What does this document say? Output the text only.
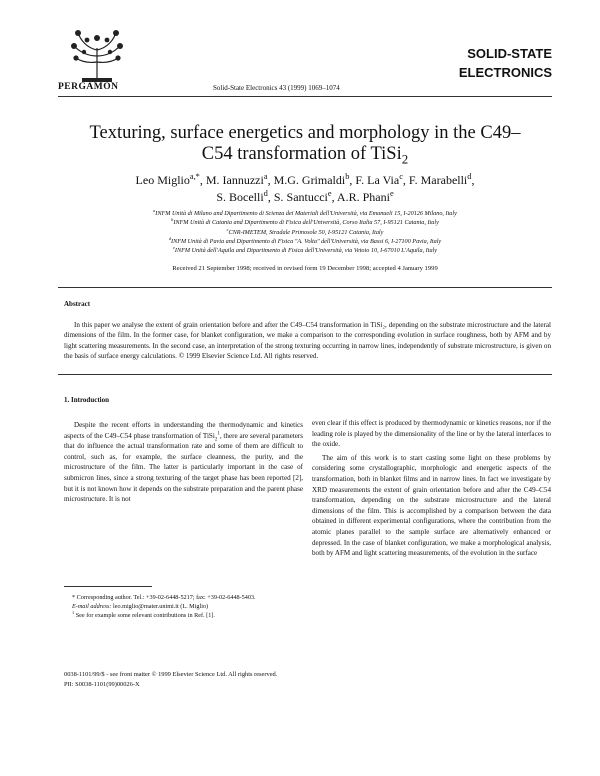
PERGAMON	Solid-State Electronics 43 (1999) 1069–1074
SOLID-STATE
ELECTRONICS
Texturing, surface energetics and morphology in the C49–
C54 transformation of TiSi$_2$
Leo Miglio$^{a,*}$, M. Iannuzzi$^a$, M.G. Grimaldi$^b$, F. La Via$^c$, F. Marabelli$^d$,
S. Bocelli$^d$, S. Santucci$^e$, A.R. Phani$^e$
$^a$INFM Unità di Milano and Dipartimento di Scienza dei Materiali dell'Università, via Emanueli 15, I-20126 Milano, Italy
$^b$INFM Unità di Catania and Dipartimento di Fisica dell'Università, Corso Italia 57, I-95121 Catania, Italy
$^c$CNR-IMETEM, Stradale Primosole 50, I-95121 Catania, Italy
$^d$INFM Unità di Pavia and Dipartimento di Fisica "A. Volta" dell'Università, via Bassi 6, I-27100 Pavia, Italy
$^e$INFM Unità dell'Aquila and Dipartimento di Fisica dell'Università, via Vetoio 10, I-67010 L'Aquila, Italy
Received 21 September 1998; received in revised form 19 December 1998; accepted 4 January 1999
Abstract
In this paper we analyse the extent of grain orientation before and after the C49–C54 transformation in TiSi₂, depending on the substrate microstructure and the lateral dimensions of the film. In the former case, for blanket configuration, we make a comparison to the corresponding evolution in surface roughness, both by AFM and by light scattering measurements. In the second case, an interpretation of the strong texturing occurring in narrow lines, independently of substrate microstructure, is given on the basis of surface energy calculations. © 1999 Elsevier Science Ltd. All rights reserved.
1. Introduction

Despite the recent efforts in understanding the thermodynamic and kinetics aspects of the C49–C54 phase transformation of TiSi$_2^1$, there are several parameters that do influence the actual transformation rate and some of them are difficult to control, such as, for example, the surface cleanness, the purity, and the microstructure of the film. The latter is particularly important in the case of submicron lines, since a strong texturing of the target phase has been reported [2], but it is not known how it depends on the substrate preparation and the parent phase microstructure. It is not

even clear if this effect is produced by thermodynamic or kinetics reasons, nor if the leading role is played by the dimensionality of the line or by the lateral interfaces to the oxide.

The aim of this work is to start casting some light on these problems by considering some crystallographic, morphologic and energetic aspects of the transformation, both in blanket films and in narrow lines. In fact we investigate by XRD measurements the extent of grain orientation before and after the C49–C54 transformation, depending on the substrate microstructure and the lateral dimensions of the film. This is accomplished by a comparison between the data obtained in different experimental configurations, where the contribution from the atomic planes parallel to the sample surface are alternatively enhanced or depressed. In the case of blanket configuration, we make a morphological analysis, both by AFM and light scattering measurements, of the evolution in the surface

* Corresponding author. Tel.: +39-02-6448-5217; fax: +39-02-6448-5403.

E-mail address: leo.miglio@mater.unimi.it (L. Miglio)

$^1$ See for example some relevant contributions in Ref. [1].

0038-1101/99/$ - see front matter © 1999 Elsevier Science Ltd. All rights reserved.
PII: S0038-1101(99)00026-X
